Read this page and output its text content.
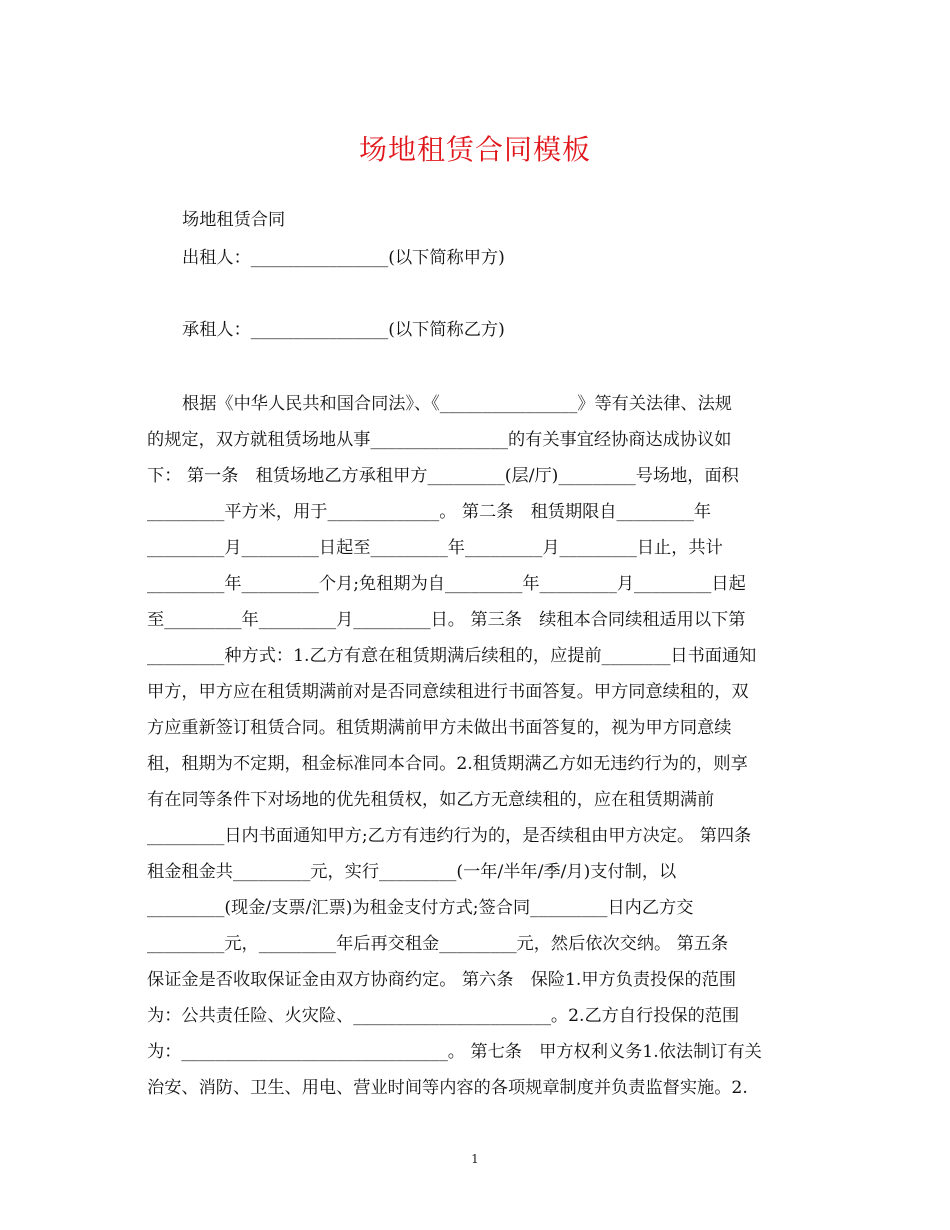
场地租赁合同模板
场地租赁合同
出租人：________________(以下简称甲方)
承租人：________________(以下简称乙方)
根据《中华人民共和国合同法》、《________________》等有关法律、法规
的规定，双方就租赁场地从事________________的有关事宜经协商达成协议如
下： 第一条　租赁场地乙方承租甲方_________(层/厅)_________号场地，面积
_________平方米，用于_____________。 第二条　租赁期限自_________年
_________月_________日起至_________年_________月_________日止，共计
_________年_________个月;免租期为自_________年_________月_________日起
至_________年_________月_________日。 第三条　续租本合同续租适用以下第
_________种方式：1.乙方有意在租赁期满后续租的，应提前________日书面通知
甲方，甲方应在租赁期满前对是否同意续租进行书面答复。甲方同意续租的，双
方应重新签订租赁合同。租赁期满前甲方未做出书面答复的，视为甲方同意续
租，租期为不定期，租金标准同本合同。2.租赁期满乙方如无违约行为的，则享
有在同等条件下对场地的优先租赁权，如乙方无意续租的，应在租赁期满前
_________日内书面通知甲方;乙方有违约行为的，是否续租由甲方决定。 第四条
租金租金共_________元，实行_________(一年/半年/季/月)支付制，以
_________(现金/支票/汇票)为租金支付方式;签合同_________日内乙方交
_________元，_________年后再交租金_________元，然后依次交纳。 第五条
保证金是否收取保证金由双方协商约定。 第六条　保险1.甲方负责投保的范围
为：公共责任险、火灾险、_______________________。2.乙方自行投保的范围
为：_______________________________。 第七条　甲方权利义务1.依法制订有关
治安、消防、卫生、用电、营业时间等内容的各项规章制度并负责监督实施。2.
1
